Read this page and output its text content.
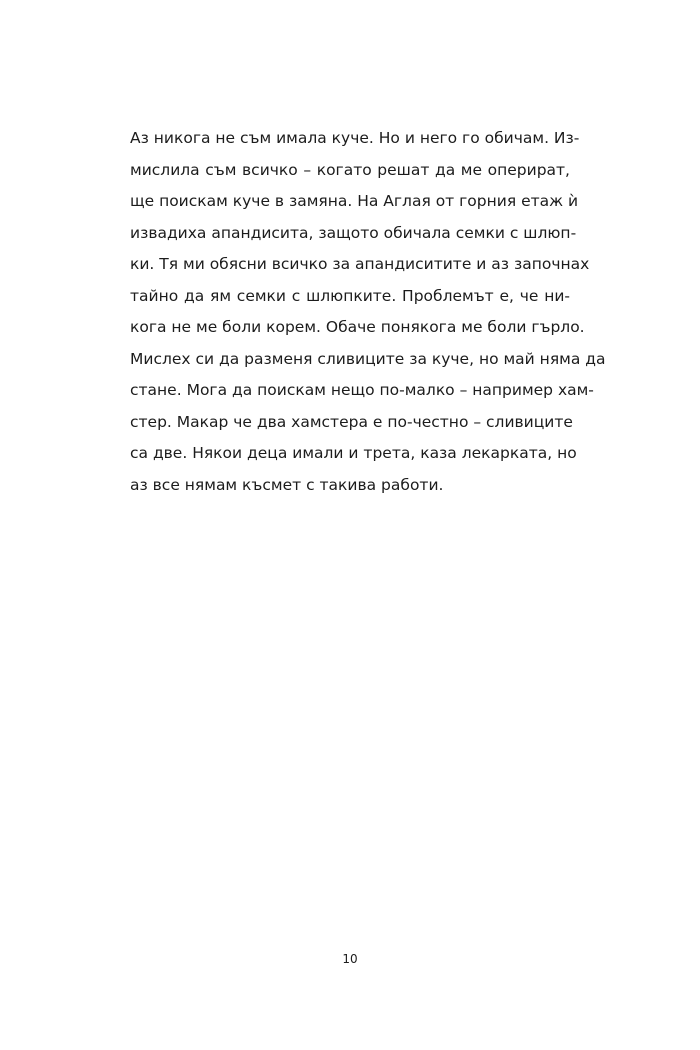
Аз никога не съм имала куче. Но и него го обичам. Из-
мислила съм всичко – когато решат да ме оперират,
ще поискам куче в замяна. На Аглая от горния етаж ѝ
извадиха апандисита, защото обичала семки с шлюп-
ки. Тя ми обясни всичко за апандиситите и аз започнах
тайно да ям семки с шлюпките. Проблемът е, че ни-
кога не ме боли корем. Обаче понякога ме боли гърло.
Мислех си да разменя сливиците за куче, но май няма да
стане. Мога да поискам нещо по-малко – например хам-
стер. Макар че два хамстера е по-честно – сливиците
са две. Някои деца имали и трета, каза лекарката, но
аз все нямам късмет с такива работи.
10
